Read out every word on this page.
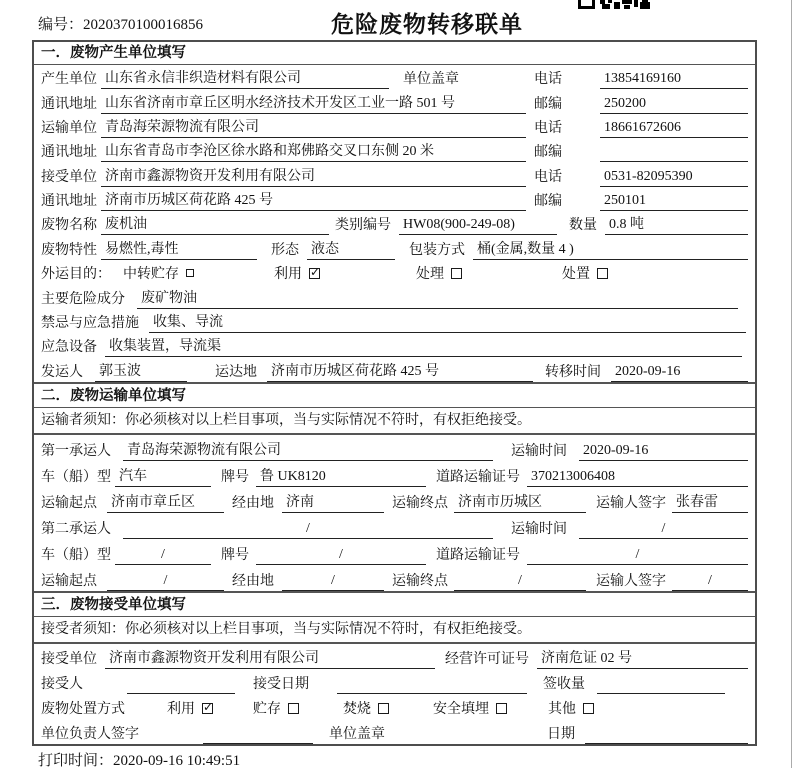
编号：2020370100016856	危险废物转移联单
一．废物产生单位填写
产生单位 山东省永信非织造材料有限公司	单位盖章	电话	13854169160
通讯地址 山东省济南市章丘区明水经济技术开发区工业一路 501 号	邮编	250200
运输单位 青岛海荣源物流有限公司	电话	18661672606
通讯地址 山东省青岛市李沧区徐水路和郑佛路交叉口东侧 20 米	邮编
接受单位 济南市鑫源物资开发利用有限公司	电话	0531-82095390
通讯地址 济南市历城区荷花路 425 号	邮编	250101
废物名称 废机油	类别编号 HW08(900-249-08)	数量 0.8 吨
废物特性 易燃性,毒性	形态 液态	包装方式 桶(金属,数量 4 )
外运目的： 中转贮存	利用 ✓	处理	处置
主要危险成分 废矿物油
禁忌与应急措施 收集、导流
应急设备 收集装置，导流渠
发运人 郭玉波	运达地 济南市历城区荷花路 425 号	转移时间 2020-09-16
二．废物运输单位填写
运输者须知：你必须核对以上栏目事项，当与实际情况不符时，有权拒绝接受。
第一承运人 青岛海荣源物流有限公司	运输时间 2020-09-16
车（船）型 汽车	牌号 鲁 UK8120	道路运输证号 370213006408
运输起点 济南市章丘区	经由地 济南	运输终点 济南市历城区	运输人签字 张春雷
第二承运人	/	运输时间	/
车（船）型	/	牌号	/	道路运输证号	/
运输起点	/	经由地	/	运输终点	/	运输人签字	/
三．废物接受单位填写
接受者须知：你必须核对以上栏目事项，当与实际情况不符时，有权拒绝接受。
接受单位 济南市鑫源物资开发利用有限公司	经营许可证号 济南危证 02 号
接受人	接受日期	签收量
废物处置方式	利用 ✓	贮存	焚烧	安全填埋	其他
单位负责人签字	单位盖章	日期
打印时间：2020-09-16 10:49:51
